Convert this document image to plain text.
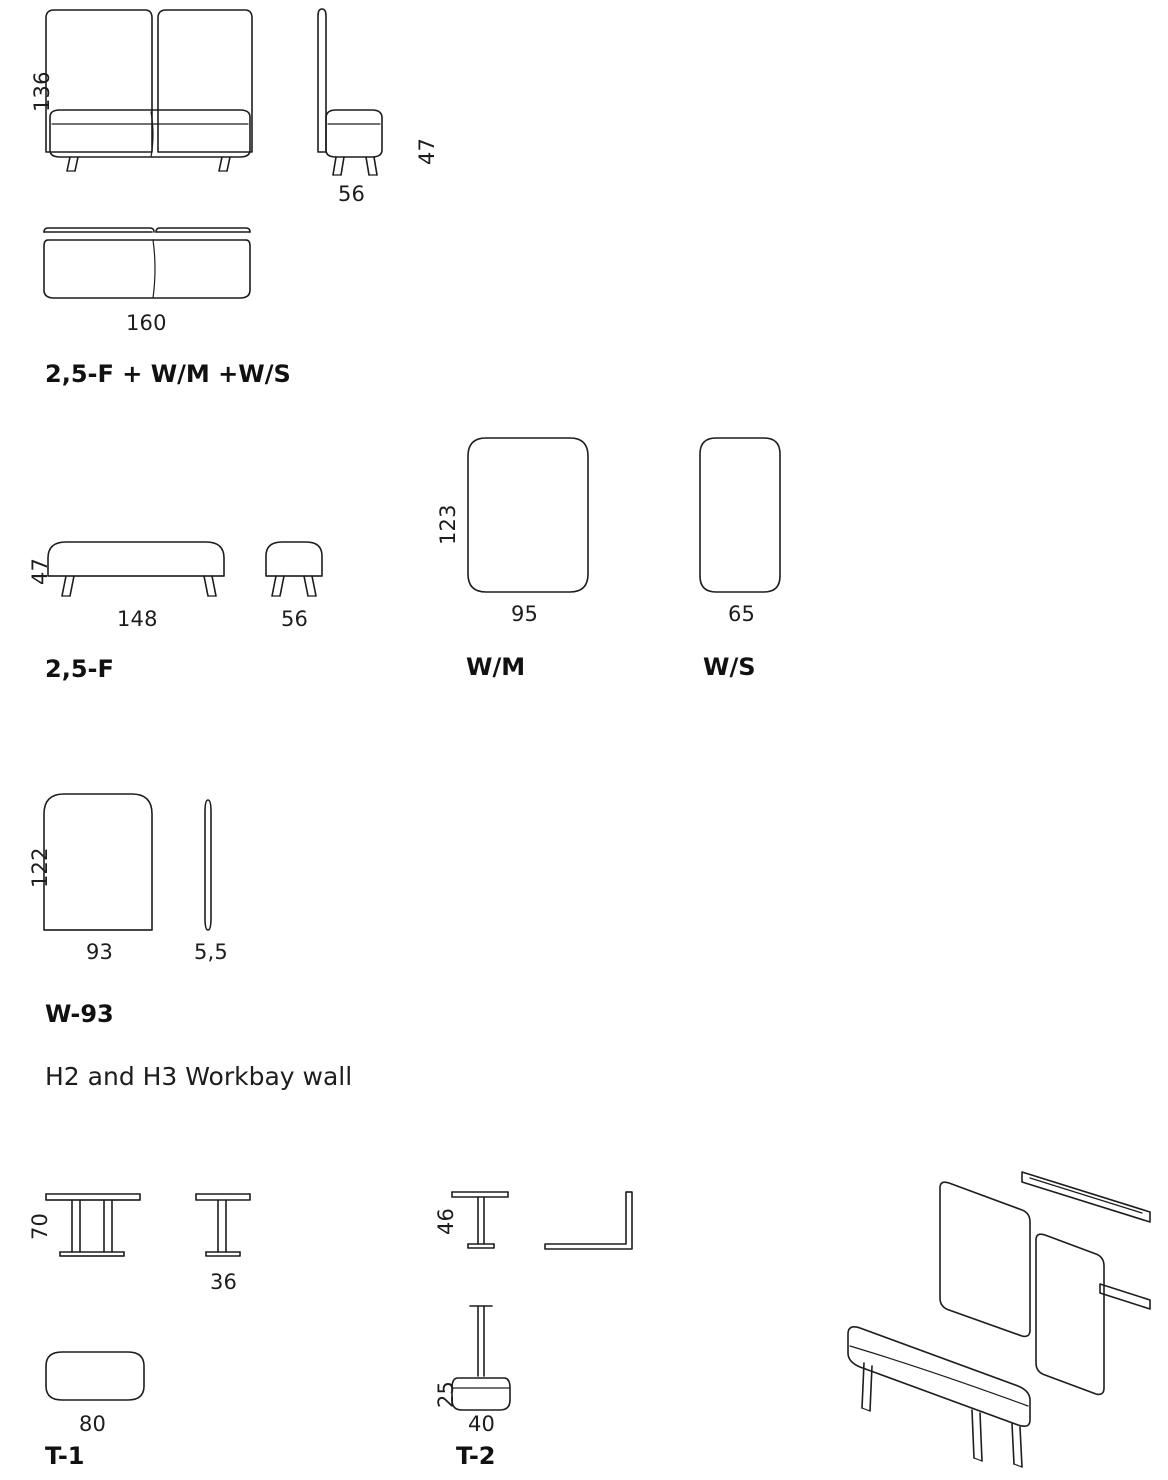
136
47
56
160
2,5-F + W/M +W/S
47
148	56
2,5-F
123
95
W/M
65
W/S
122
93	5,5
W-93
H2 and H3 Workbay wall
70
36
80
T-1
46
25
40
T-2
